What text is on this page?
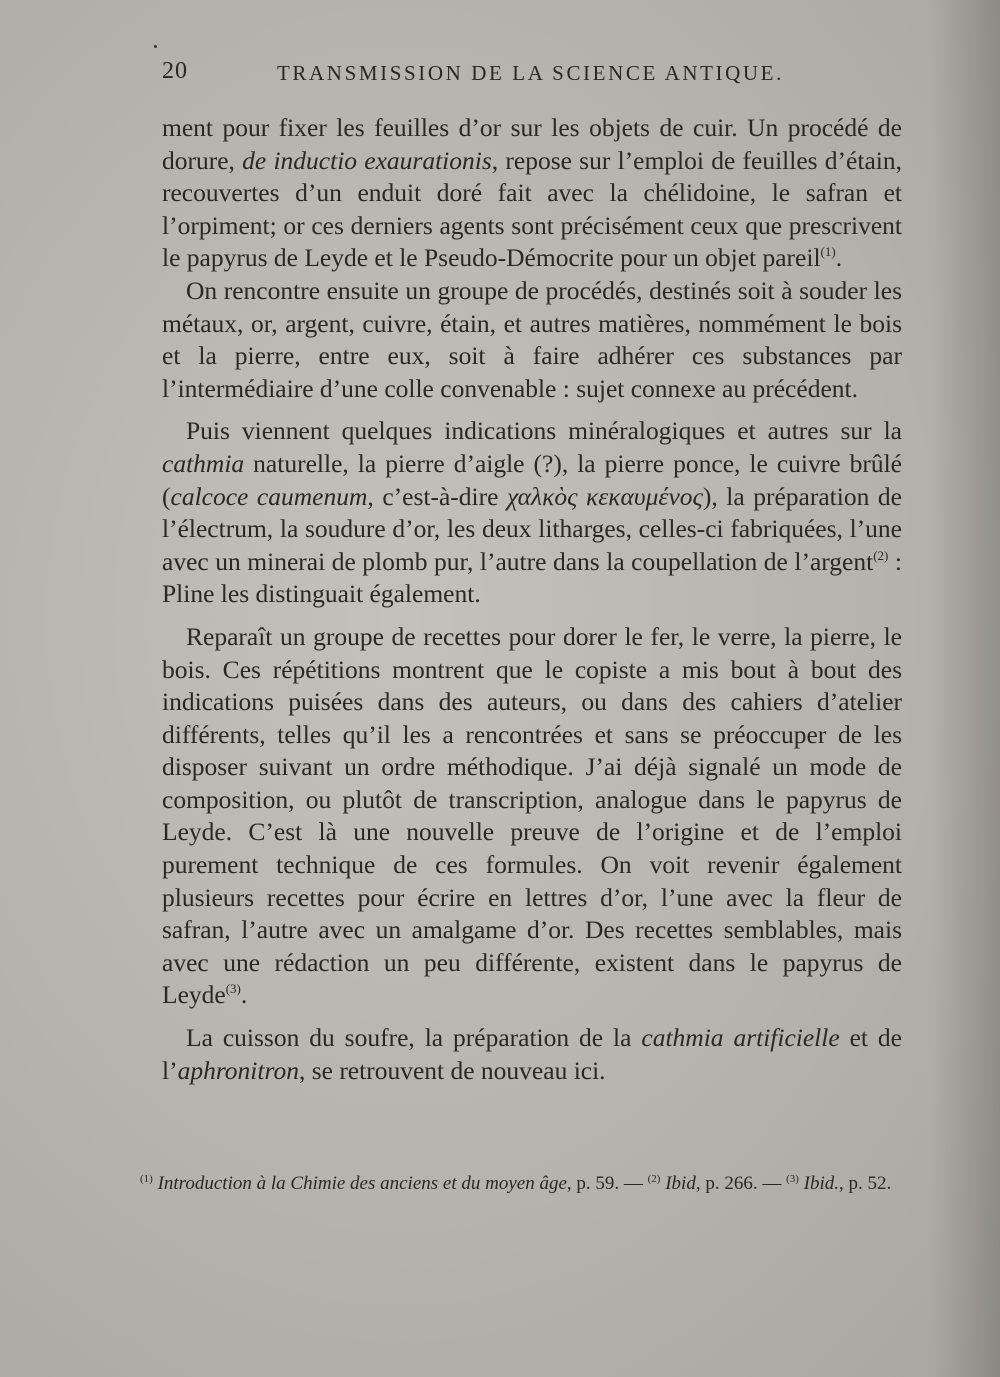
20	TRANSMISSION DE LA SCIENCE ANTIQUE.

ment pour fixer les feuilles d’or sur les objets de cuir. Un procédé de dorure, de inductio exaurationis, repose sur l’emploi de feuilles d’étain, recouvertes d’un enduit doré fait avec la chélidoine, le safran et l’orpiment; or ces derniers agents sont précisément ceux que prescrivent le papyrus de Leyde et le Pseudo-Démocrite pour un objet pareil$^{(1)}$.

On rencontre ensuite un groupe de procédés, destinés soit à souder les métaux, or, argent, cuivre, étain, et autres matières, nommément le bois et la pierre, entre eux, soit à faire adhérer ces substances par l’intermédiaire d’une colle convenable : sujet connexe au précédent.

Puis viennent quelques indications minéralogiques et autres sur la cathmia naturelle, la pierre d’aigle (?), la pierre ponce, le cuivre brûlé (calcoce caumenum, c’est-à-dire χαλκὸς κεκαυμένος), la préparation de l’électrum, la soudure d’or, les deux litharges, celles-ci fabriquées, l’une avec un minerai de plomb pur, l’autre dans la coupellation de l’argent$^{(2)}$ : Pline les distinguait également.

Reparaît un groupe de recettes pour dorer le fer, le verre, la pierre, le bois. Ces répétitions montrent que le copiste a mis bout à bout des indications puisées dans des auteurs, ou dans des cahiers d’atelier différents, telles qu’il les a rencontrées et sans se préoccuper de les disposer suivant un ordre méthodique. J’ai déjà signalé un mode de composition, ou plutôt de transcription, analogue dans le papyrus de Leyde. C’est là une nouvelle preuve de l’origine et de l’emploi purement technique de ces formules. On voit revenir également plusieurs recettes pour écrire en lettres d’or, l’une avec la fleur de safran, l’autre avec un amalgame d’or. Des recettes semblables, mais avec une rédaction un peu différente, existent dans le papyrus de Leyde$^{(3)}$.

La cuisson du soufre, la préparation de la cathmia artificielle et de l’aphronitron, se retrouvent de nouveau ici.

$^{(1)}$ Introduction à la Chimie des anciens et du moyen âge, p. 59. — $^{(2)}$ Ibid, p. 266. — $^{(3)}$ Ibid., p. 52.
